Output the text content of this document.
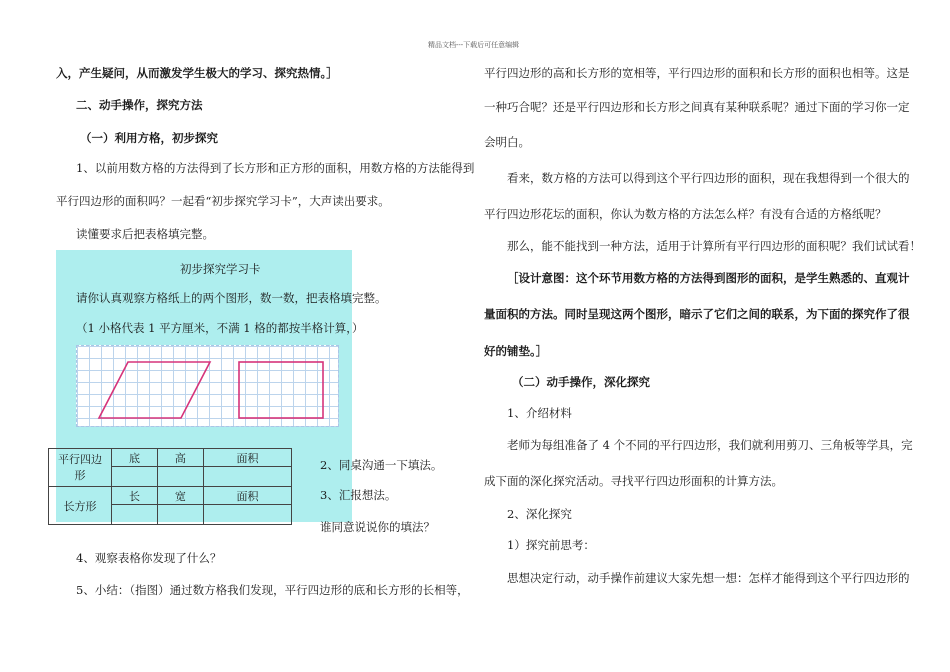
精品文档---下载后可任意编辑
入，产生疑问，从而激发学生极大的学习、探究热情。］
二、动手操作，探究方法
（一）利用方格，初步探究
1、以前用数方格的方法得到了长方形和正方形的面积，用数方格的方法能得到
平行四边形的面积吗？一起看“初步探究学习卡”，大声读出要求。
读懂要求后把表格填完整。
初步探究学习卡
请你认真观察方格纸上的两个图形，数一数，把表格填完整。
（1 小格代表 1 平方厘米，不满 1 格的都按半格计算，）
平行四边
形	底	高	面积

长方形	长	宽	面积

2、同桌沟通一下填法。
3、汇报想法。
谁同意说说你的填法？
4、观察表格你发现了什么？
5、小结：（指图）通过数方格我们发现，平行四边形的底和长方形的长相等，
平行四边形的高和长方形的宽相等，平行四边形的面积和长方形的面积也相等。这是
一种巧合呢？还是平行四边形和长方形之间真有某种联系呢？通过下面的学习你一定
会明白。
看来，数方格的方法可以得到这个平行四边形的面积，现在我想得到一个很大的
平行四边形花坛的面积，你认为数方格的方法怎么样？有没有合适的方格纸呢？
那么，能不能找到一种方法，适用于计算所有平行四边形的面积呢？我们试试看！
［设计意图：这个环节用数方格的方法得到图形的面积，是学生熟悉的、直观计
量面积的方法。同时呈现这两个图形，暗示了它们之间的联系，为下面的探究作了很
好的铺垫。］
（二）动手操作，深化探究
1、介绍材料
老师为每组准备了 4 个不同的平行四边形，我们就利用剪刀、三角板等学具，完
成下面的深化探究活动。寻找平行四边形面积的计算方法。
2、深化探究
1）探究前思考：
思想决定行动，动手操作前建议大家先想一想：怎样才能得到这个平行四边形的
